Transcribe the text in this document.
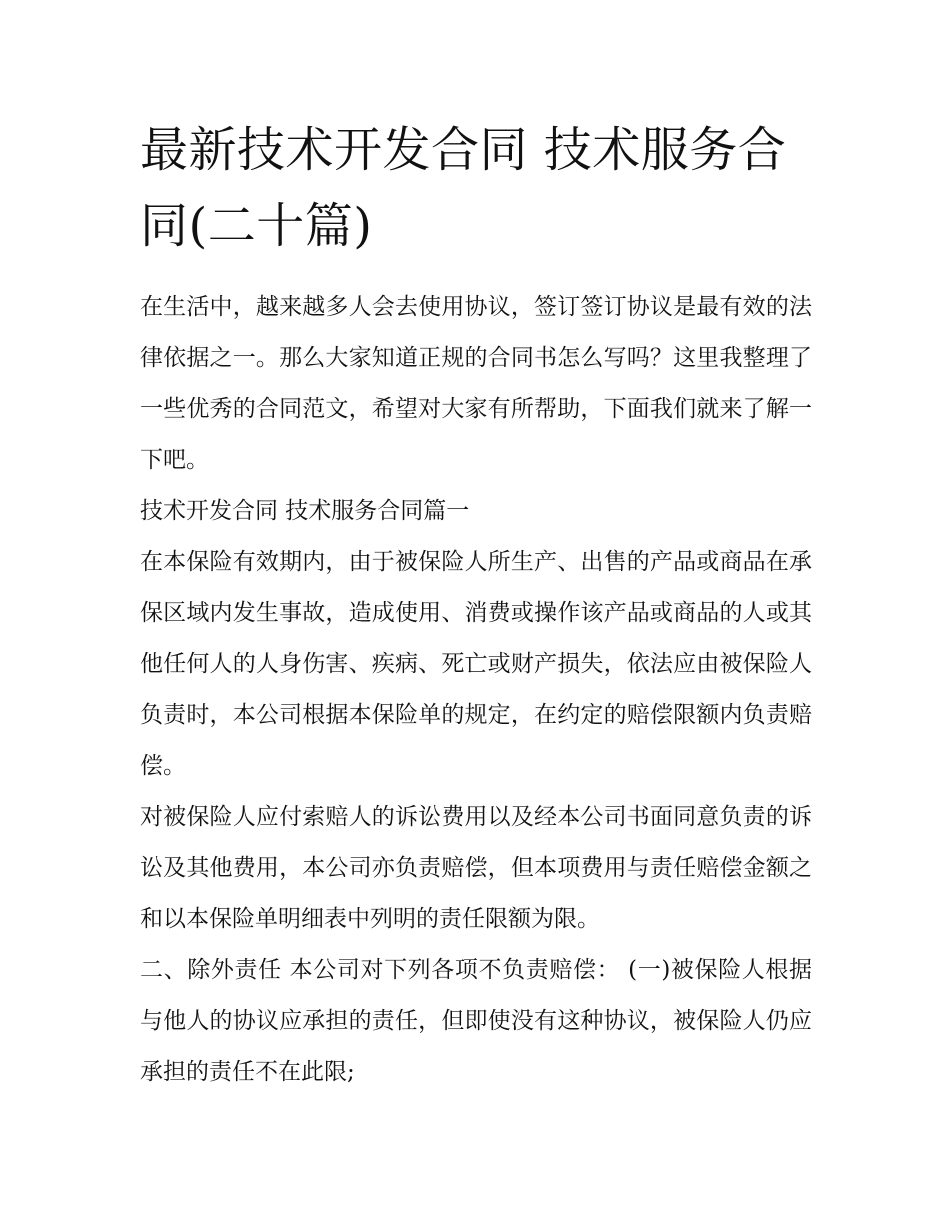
最新技术开发合同 技术服务合同(二十篇)

在生活中，越来越多人会去使用协议，签订签订协议是最有效的法律依据之一。那么大家知道正规的合同书怎么写吗？这里我整理了一些优秀的合同范文，希望对大家有所帮助，下面我们就来了解一下吧。

技术开发合同 技术服务合同篇一

在本保险有效期内，由于被保险人所生产、出售的产品或商品在承保区域内发生事故，造成使用、消费或操作该产品或商品的人或其他任何人的人身伤害、疾病、死亡或财产损失，依法应由被保险人负责时，本公司根据本保险单的规定，在约定的赔偿限额内负责赔偿。

对被保险人应付索赔人的诉讼费用以及经本公司书面同意负责的诉讼及其他费用，本公司亦负责赔偿，但本项费用与责任赔偿金额之和以本保险单明细表中列明的责任限额为限。

二、除外责任 本公司对下列各项不负责赔偿： (一)被保险人根据与他人的协议应承担的责任，但即使没有这种协议，被保险人仍应承担的责任不在此限;
